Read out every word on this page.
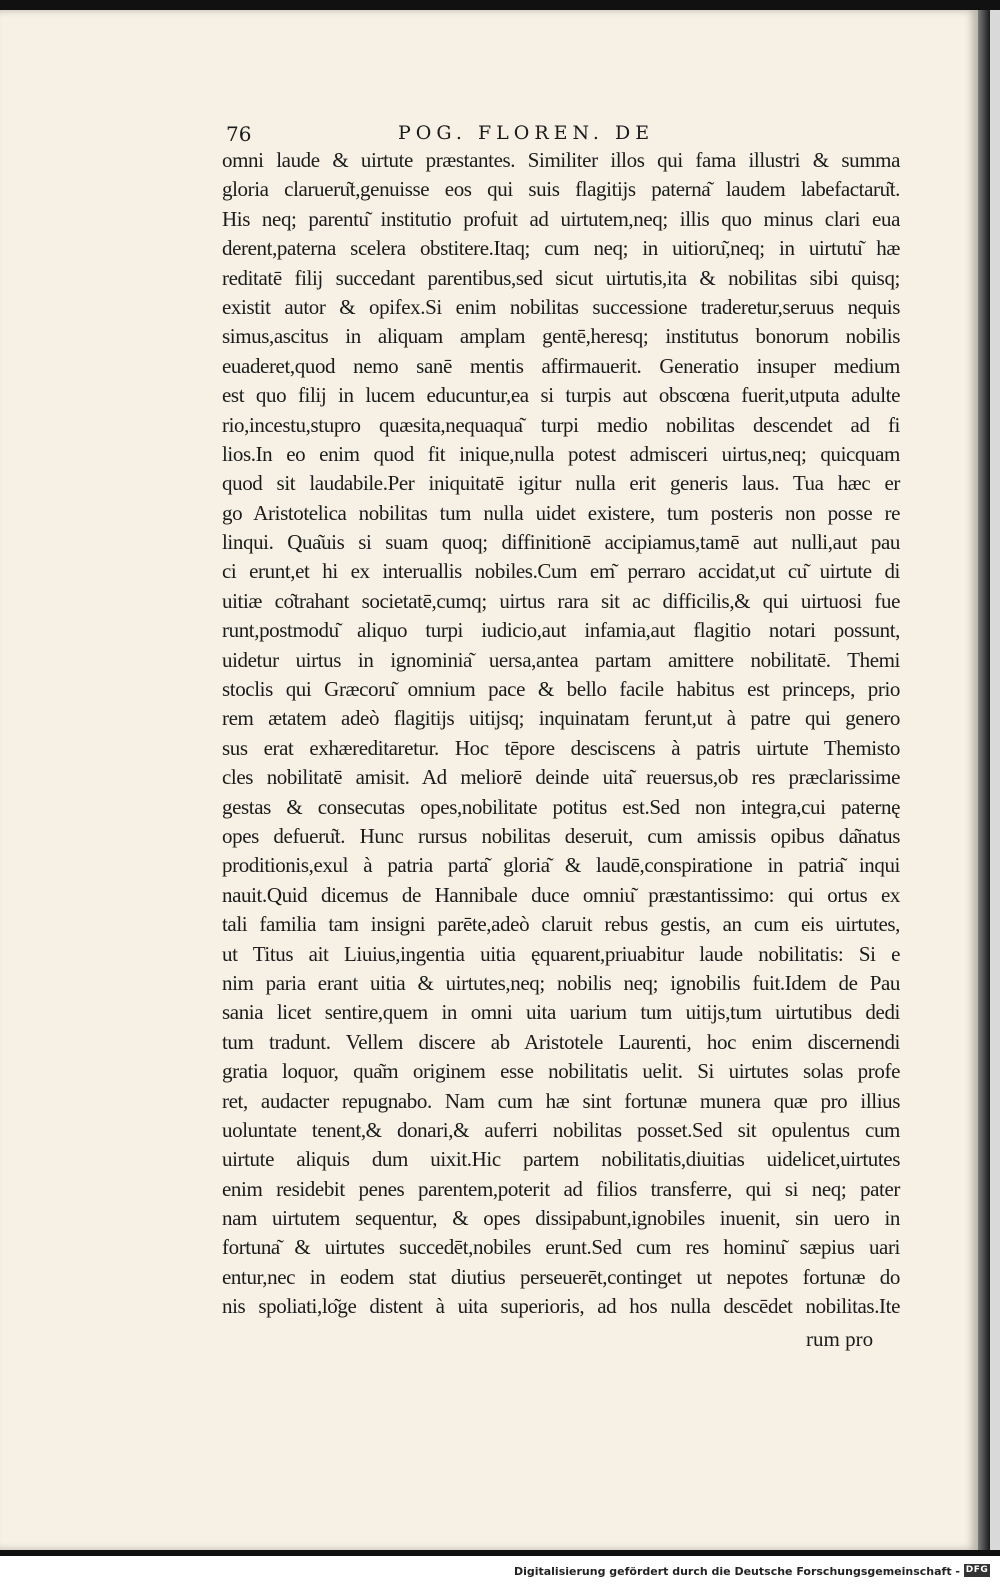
76	POG. FLOREN. DE
omni laude & uirtute præstantes. Similiter illos qui fama illustri & summa
gloria clarueru͂t,genuisse eos qui suis flagitijs paterna͂ laudem labefactaru͂t.
His neq; parentu͂ institutio profuit ad uirtutem,neq; illis quo minus clari eua
derent,paterna scelera obstitere.Itaq; cum neq; in uitioru͂,neq; in uirtutu͂ hæ
reditatē filij succedant parentibus,sed sicut uirtutis,ita & nobilitas sibi quisq;
existit autor & opifex.Si enim nobilitas successione traderetur,seruus nequis
simus,ascitus in aliquam amplam gentē,heresq; institutus bonorum nobilis
euaderet,quod nemo sanē mentis affirmauerit. Generatio insuper medium
est quo filij in lucem educuntur,ea si turpis aut obscœna fuerit,utputa adulte
rio,incestu,stupro quæsita,nequaqua͂ turpi medio nobilitas descendet ad fi
lios.In eo enim quod fit inique,nulla potest admisceri uirtus,neq; quicquam
quod sit laudabile.Per iniquitatē igitur nulla erit generis laus. Tua hæc er
go Aristotelica nobilitas tum nulla uidet existere, tum posteris non posse re
linqui. Qua͂uis si suam quoq; diffinitionē accipiamus,tamē aut nulli,aut pau
ci erunt,et hi ex interuallis nobiles.Cum em͂ perraro accidat,ut cu͂ uirtute di
uitiæ co͂trahant societatē,cumq; uirtus rara sit ac difficilis,& qui uirtuosi fue
runt,postmodu͂ aliquo turpi iudicio,aut infamia,aut flagitio notari possunt,
uidetur uirtus in ignominia͂ uersa,antea partam amittere nobilitatē. Themi
stoclis qui Græcoru͂ omnium pace & bello facile habitus est princeps, prio
rem ætatem adeò flagitijs uitijsq; inquinatam ferunt,ut à patre qui genero
sus erat exhæreditaretur. Hoc tēpore desciscens à patris uirtute Themisto
cles nobilitatē amisit. Ad meliorē deinde uita͂ reuersus,ob res præclarissime
gestas & consecutas opes,nobilitate potitus est.Sed non integra,cui paternę
opes defueru͂t. Hunc rursus nobilitas deseruit, cum amissis opibus da͂natus
proditionis,exul à patria parta͂ gloria͂ & laudē,conspiratione in patria͂ inqui
nauit.Quid dicemus de Hannibale duce omniu͂ præstantissimo: qui ortus ex
tali familia tam insigni parēte,adeò claruit rebus gestis, an cum eis uirtutes,
ut Titus ait Liuius,ingentia uitia ęquarent,priuabitur laude nobilitatis: Si e
nim paria erant uitia & uirtutes,neq; nobilis neq; ignobilis fuit.Idem de Pau
sania licet sentire,quem in omni uita uarium tum uitijs,tum uirtutibus dedi
tum tradunt. Vellem discere ab Aristotele Laurenti, hoc enim discernendi
gratia loquor, qua͂m originem esse nobilitatis uelit. Si uirtutes solas profe
ret, audacter repugnabo. Nam cum hæ sint fortunæ munera quæ pro illius
uoluntate tenent,& donari,& auferri nobilitas posset.Sed sit opulentus cum
uirtute aliquis dum uixit.Hic partem nobilitatis,diuitias uidelicet,uirtutes
enim residebit penes parentem,poterit ad filios transferre, qui si neq; pater
nam uirtutem sequentur, & opes dissipabunt,ignobiles inuenit, sin uero in
fortuna͂ & uirtutes succedēt,nobiles erunt.Sed cum res hominu͂ sæpius uari
entur,nec in eodem stat diutius perseuerēt,continget ut nepotes fortunæ do
nis spoliati,lo͂ge distent à uita superioris, ad hos nulla descēdet nobilitas.Ite
rum pro
Digitalisierung gefördert durch die Deutsche Forschungsgemeinschaft - DFG
